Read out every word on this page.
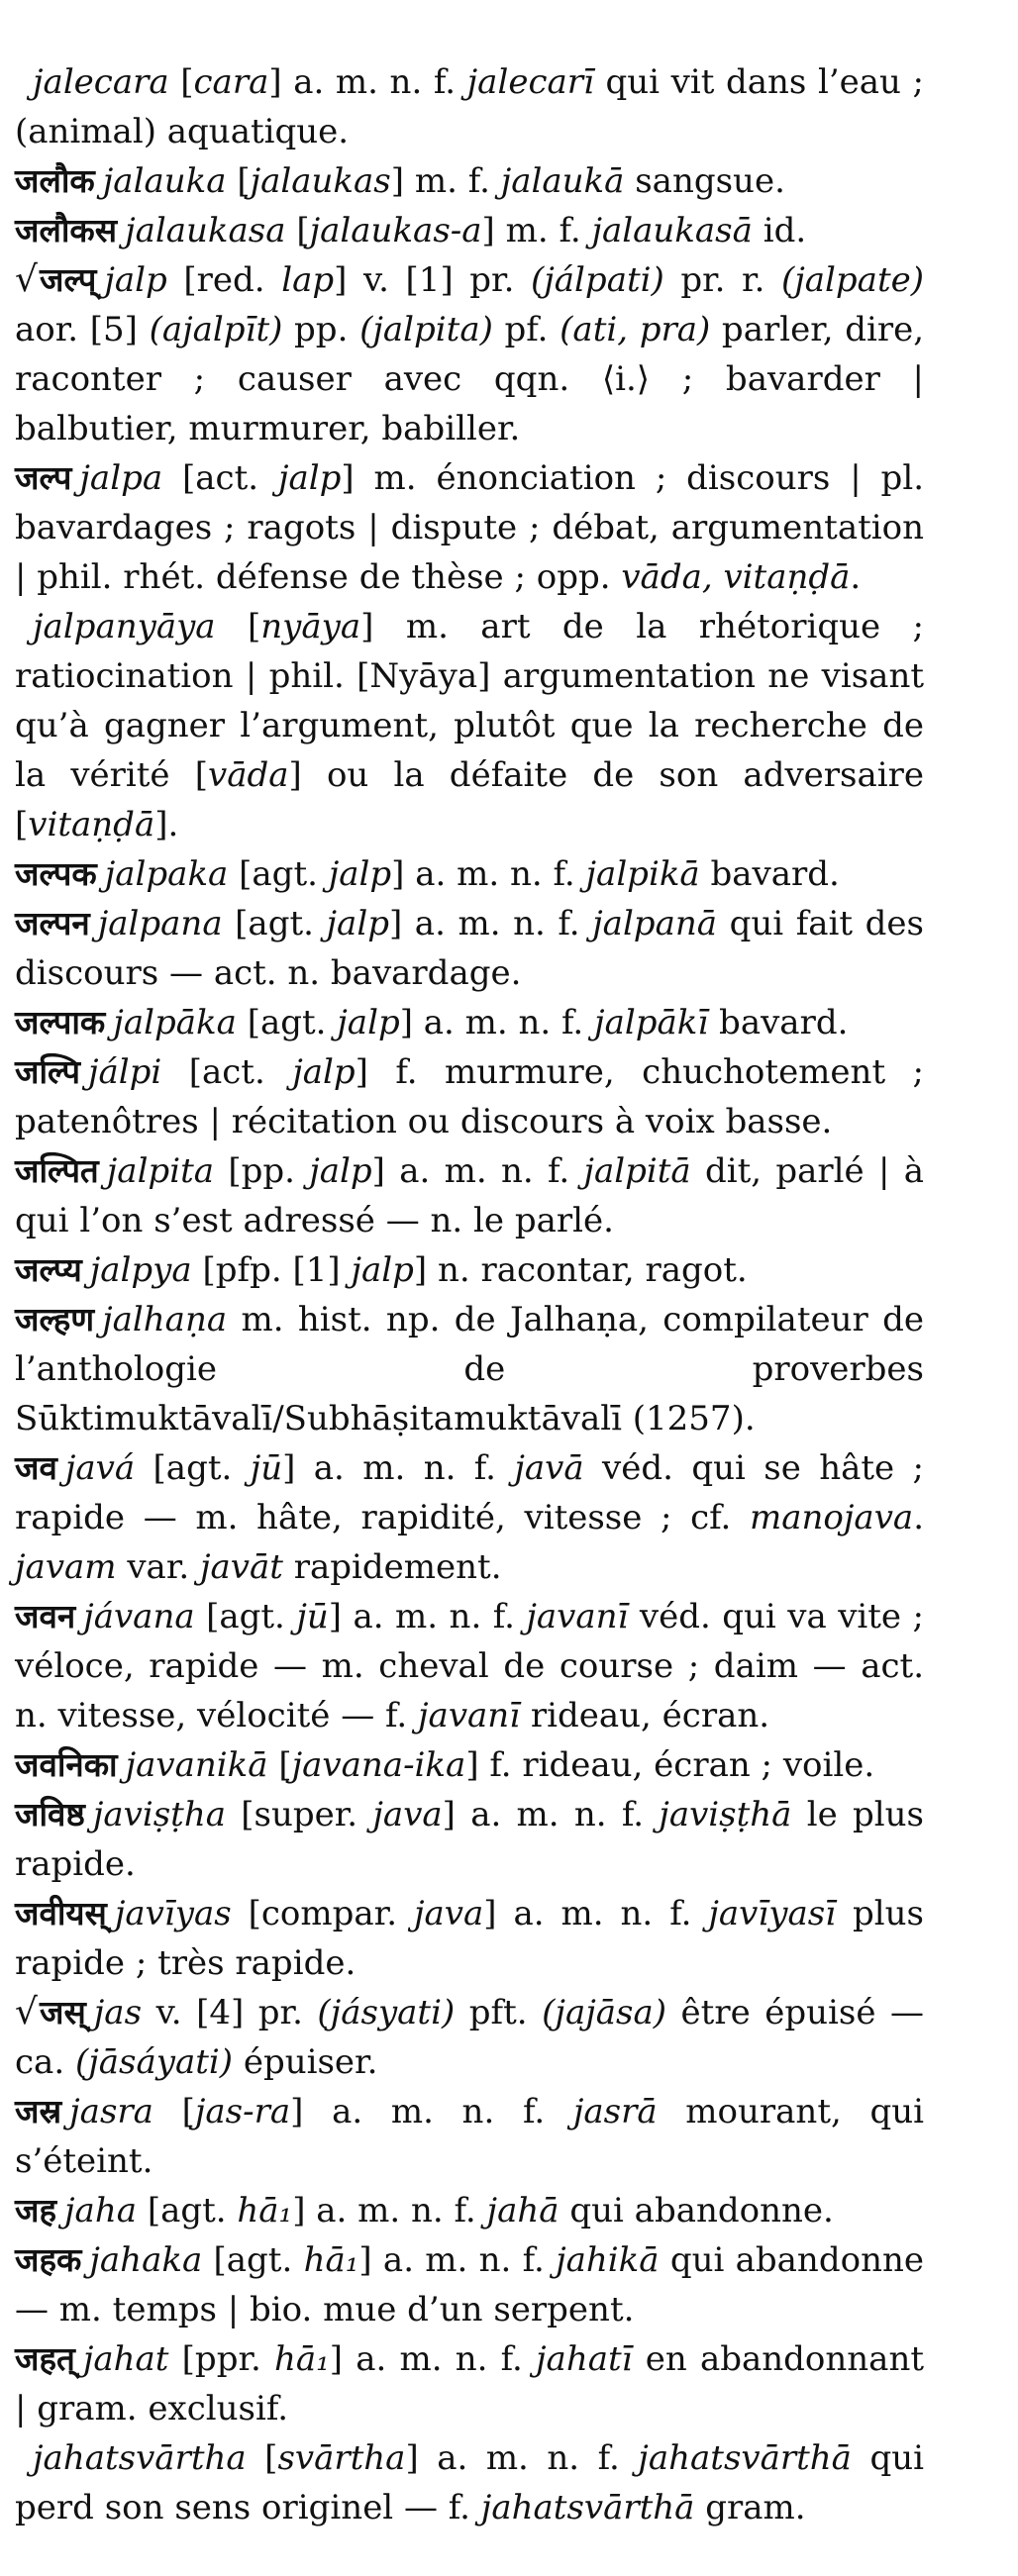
jalecara [cara] a. m. n. f. jalecarī qui vit dans l’eau ; (animal) aquatique.

जलौक jalauka [jalaukas] m. f. jalaukā sangsue.

जलौकस jalaukasa [jalaukas-a] m. f. jalaukasā id.

√जल्प् jalp [red. lap] v. [1] pr. (jálpati) pr. r. (jalpate) aor. [5] (ajalpīt) pp. (jalpita) pf. (ati, pra) parler, dire, raconter ; causer avec qqn. ⟨i.⟩ ; bavarder | balbutier, murmurer, babiller.

जल्प jalpa [act. jalp] m. énonciation ; discours | pl. bavardages ; ragots | dispute ; débat, argumentation | phil. rhét. défense de thèse ; opp. vāda, vitaṇḍā.

jalpanyāya [nyāya] m. art de la rhétorique ; ratiocination | phil. [Nyāya] argumentation ne visant qu’à gagner l’argument, plutôt que la recherche de la vérité [vāda] ou la défaite de son adversaire [vitaṇḍā].

जल्पक jalpaka [agt. jalp] a. m. n. f. jalpikā bavard.

जल्पन jalpana [agt. jalp] a. m. n. f. jalpanā qui fait des discours — act. n. bavardage.

जल्पाक jalpāka [agt. jalp] a. m. n. f. jalpākī bavard.

जल्पि jálpi [act. jalp] f. murmure, chuchotement ; patenôtres | récitation ou discours à voix basse.

जल्पित jalpita [pp. jalp] a. m. n. f. jalpitā dit, parlé | à qui l’on s’est adressé — n. le parlé.

जल्प्य jalpya [pfp. [1] jalp] n. racontar, ragot.

जल्हण jalhaṇa m. hist. np. de Jalhaṇa, compilateur de l’anthologie de proverbes Sūktimuktāvalī/Subhāṣitamuktāvalī (1257).

जव javá [agt. jū] a. m. n. f. javā véd. qui se hâte ; rapide — m. hâte, rapidité, vitesse ; cf. manojava. javam var. javāt rapidement.

जवन jávana [agt. jū] a. m. n. f. javanī véd. qui va vite ; véloce, rapide — m. cheval de course ; daim — act. n. vitesse, vélocité — f. javanī rideau, écran.

जवनिका javanikā [javana-ika] f. rideau, écran ; voile.

जविष्ठ javiṣṭha [super. java] a. m. n. f. javiṣṭhā le plus rapide.

जवीयस् javīyas [compar. java] a. m. n. f. javīyasī plus rapide ; très rapide.

√जस् jas v. [4] pr. (jásyati) pft. (jajāsa) être épuisé — ca. (jāsáyati) épuiser.

जस्र jasra [jas-ra] a. m. n. f. jasrā mourant, qui s’éteint.

जह jaha [agt. hā₁] a. m. n. f. jahā qui abandonne.

जहक jahaka [agt. hā₁] a. m. n. f. jahikā qui abandonne — m. temps | bio. mue d’un serpent.

जहत् jahat [ppr. hā₁] a. m. n. f. jahatī en abandonnant | gram. exclusif.

jahatsvārtha [svārtha] a. m. n. f. jahatsvārthā qui perd son sens originel — f. jahatsvārthā gram.
